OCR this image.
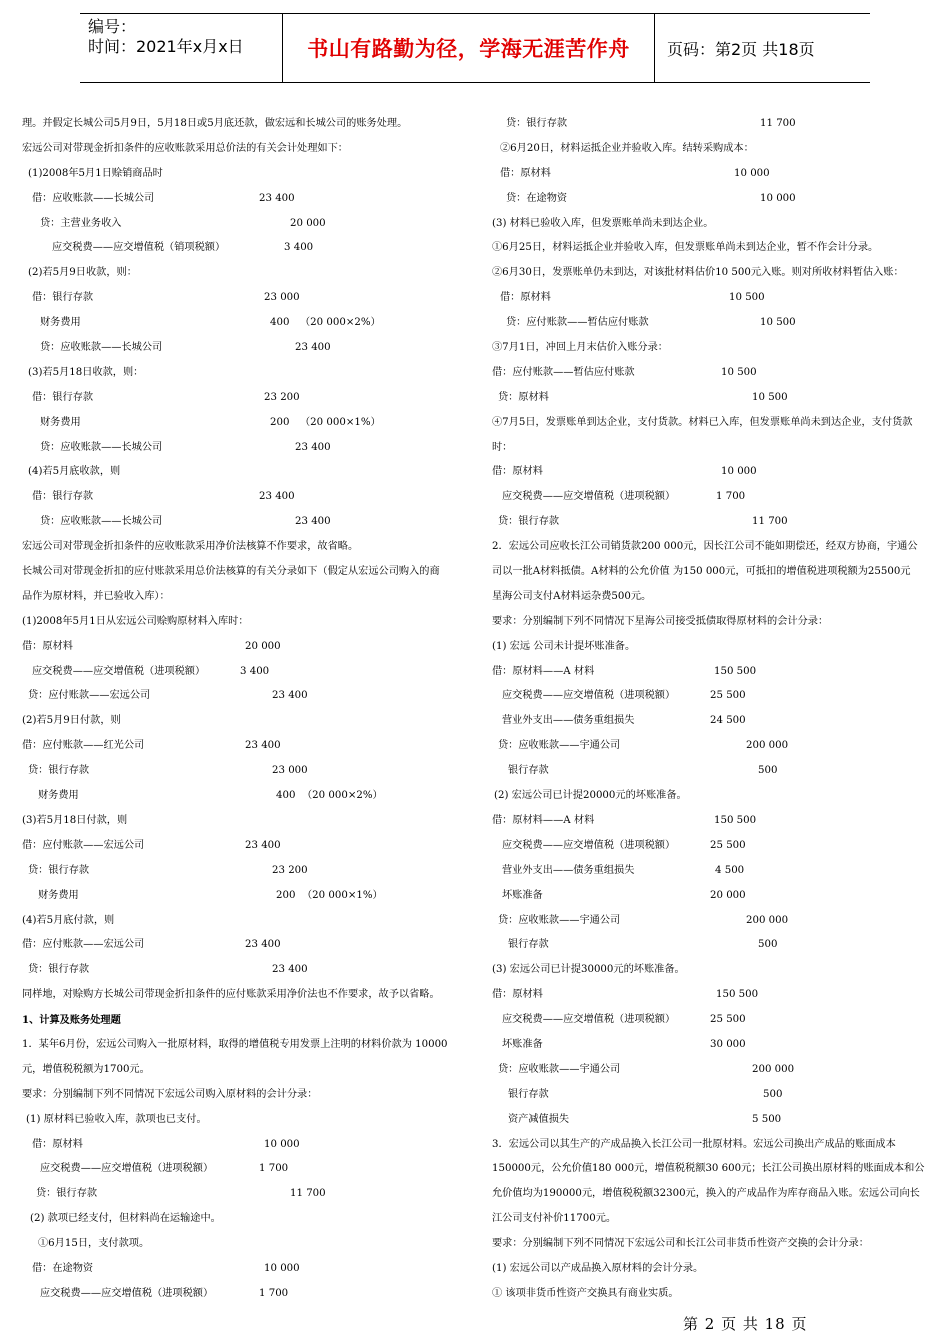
编号：
时间：2021年x月x日	书山有路勤为径，学海无涯苦作舟	页码：第2页 共18页
理。并假定长城公司5月9日，5月18日或5月底还款，做宏远和长城公司的账务处理。
宏远公司对带现金折扣条件的应收账款采用总价法的有关会计处理如下：
(1)2008年5月1日赊销商品时
借：应收账款——长城公司	23 400
贷：主营业务收入	20 000
应交税费——应交增值税（销项税额）	3 400
(2)若5月9日收款，则：
借：银行存款	23 000
财务费用	400 （20 000×2%）
贷：应收账款——长城公司	23 400
(3)若5月18日收款，则：
借：银行存款	23 200
财务费用	200 （20 000×1%）
贷：应收账款——长城公司	23 400
(4)若5月底收款，则
借：银行存款	23 400
贷：应收账款——长城公司	23 400
宏远公司对带现金折扣条件的应收账款采用净价法核算不作要求，故省略。
长城公司对带现金折扣的应付账款采用总价法核算的有关分录如下（假定从宏远公司购入的商
品作为原材料，并已验收入库）：
(1)2008年5月1日从宏远公司赊购原材料入库时：
借：原材料	20 000
应交税费——应交增值税（进项税额）	3 400
贷：应付账款——宏远公司	23 400
(2)若5月9日付款，则
借：应付账款——红光公司	23 400
贷：银行存款	23 000
财务费用	400 （20 000×2%）
(3)若5月18日付款，则
借：应付账款——宏远公司	23 400
贷：银行存款	23 200
财务费用	200 （20 000×1%）
(4)若5月底付款，则
借：应付账款——宏远公司	23 400
贷：银行存款	23 400
同样地，对赊购方长城公司带现金折扣条件的应付账款采用净价法也不作要求，故予以省略。
1、计算及账务处理题
1．某年6月份，宏远公司购入一批原材料，取得的增值税专用发票上注明的材料价款为 10000
元，增值税税额为1700元。
要求：分别编制下列不同情况下宏远公司购入原材料的会计分录：
(1) 原材料已验收入库，款项也已支付。
借：原材料	10 000
应交税费——应交增值税（进项税额）	1 700
贷：银行存款	11 700
(2) 款项已经支付，但材料尚在运输途中。
①6月15日，支付款项。
借：在途物资	10 000
应交税费——应交增值税（进项税额）	1 700
贷：银行存款	11 700
②6月20日，材料运抵企业并验收入库。结转采购成本：
借：原材料	10 000
贷：在途物资	10 000
(3) 材料已验收入库，但发票账单尚未到达企业。
①6月25日，材料运抵企业并验收入库，但发票账单尚未到达企业，暂不作会计分录。
②6月30日，发票账单仍未到达，对该批材料估价10 500元入账。则对所收材料暂估入账：
借：原材料	10 500
贷：应付账款——暂估应付账款	10 500
③7月1日，冲回上月末估价入账分录：
借：应付账款——暂估应付账款	10 500
贷：原材料	10 500
④7月5日，发票账单到达企业，支付货款。材料已入库，但发票账单尚未到达企业，支付货款
时：
借：原材料	10 000
应交税费——应交增值税（进项税额）	1 700
贷：银行存款	11 700
2．宏远公司应收长江公司销货款200 000元，因长江公司不能如期偿还，经双方协商，宇通公
司以一批A材料抵债。A材料的公允价值 为150 000元，可抵扣的增值税进项税额为25500元
星海公司支付A材料运杂费500元。
要求：分别编制下列不同情况下星海公司接受抵债取得原材料的会计分录：
(1) 宏远 公司未计提坏账准备。
借：原材料——A 材料	150 500
应交税费——应交增值税（进项税额）	25 500
营业外支出——债务重组损失	24 500
贷：应收账款——宇通公司	200 000
银行存款	500
(2) 宏远公司已计提20000元的坏账准备。
借：原材料——A 材料	150 500
应交税费——应交增值税（进项税额）	25 500
营业外支出——债务重组损失	4 500
坏账准备	20 000
贷：应收账款——宇通公司	200 000
银行存款	500
(3) 宏远公司已计提30000元的坏账准备。
借：原材料	150 500
应交税费——应交增值税（进项税额）	25 500
坏账准备	30 000
贷：应收账款——宇通公司	200 000
银行存款	500
资产减值损失	5 500
3．宏远公司以其生产的产成品换入长江公司一批原材料。宏远公司换出产成品的账面成本
150000元，公允价值180 000元，增值税税额30 600元；长江公司换出原材料的账面成本和公
允价值均为190000元，增值税税额32300元，换入的产成品作为库存商品入账。宏远公司向长
江公司支付补价11700元。
要求：分别编制下列不同情况下宏远公司和长江公司非货币性资产交换的会计分录：
(1) 宏远公司以产成品换入原材料的会计分录。
① 该项非货币性资产交换具有商业实质。
第 2 页 共 18 页
